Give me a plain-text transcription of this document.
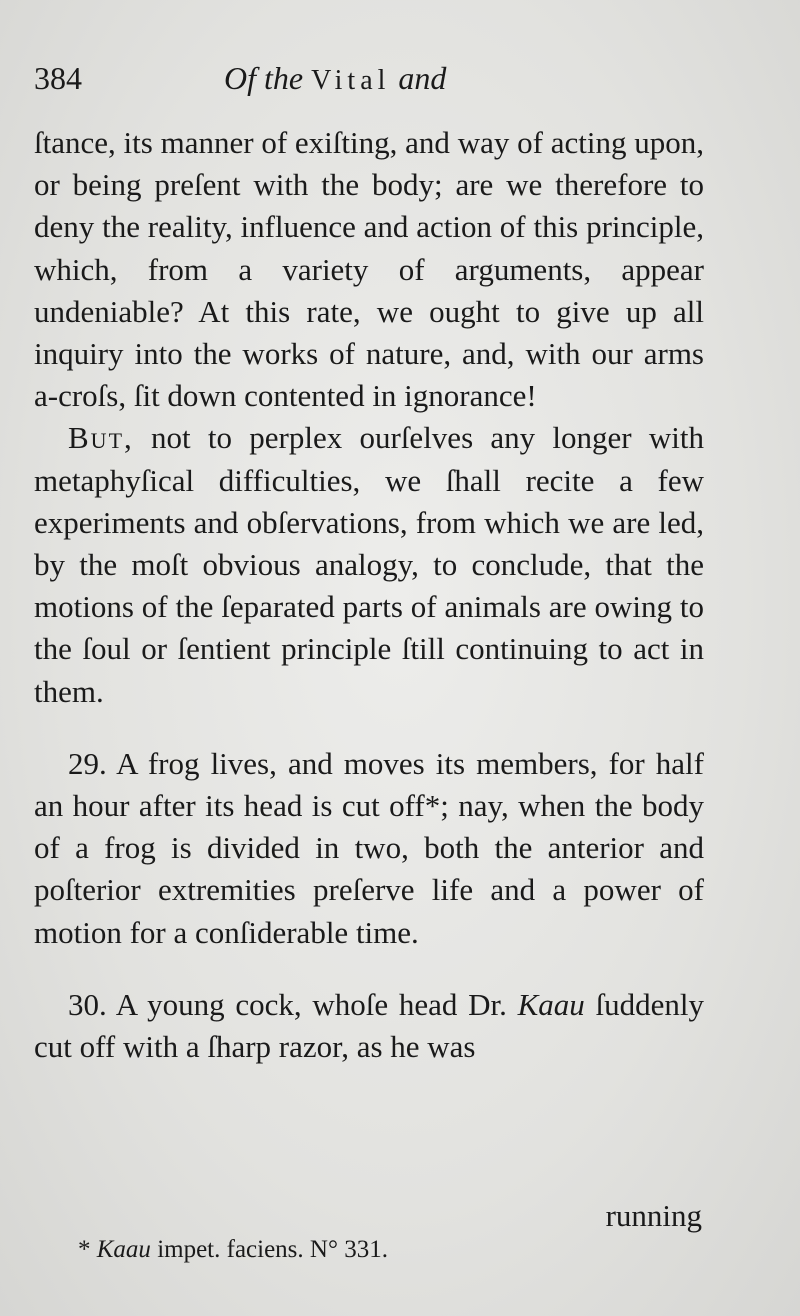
384	Of the Vital and

ſtance, its manner of exiſting, and way of acting upon, or being preſent with the body; are we therefore to deny the reality, influence and action of this principle, which, from a variety of arguments, appear undeniable? At this rate, we ought to give up all inquiry into the works of nature, and, with our arms a-croſs, ſit down contented in ignorance!

But, not to perplex ourſelves any longer with metaphyſical difficulties, we ſhall recite a few experiments and obſervations, from which we are led, by the moſt obvious analogy, to conclude, that the motions of the ſeparated parts of animals are owing to the ſoul or ſentient principle ſtill continuing to act in them.

29. A frog lives, and moves its members, for half an hour after its head is cut off*; nay, when the body of a frog is divided in two, both the anterior and poſterior extremities preſerve life and a power of motion for a conſiderable time.

30. A young cock, whoſe head Dr. Kaau ſuddenly cut off with a ſharp razor, as he was

running
* Kaau impet. faciens. N° 331.
